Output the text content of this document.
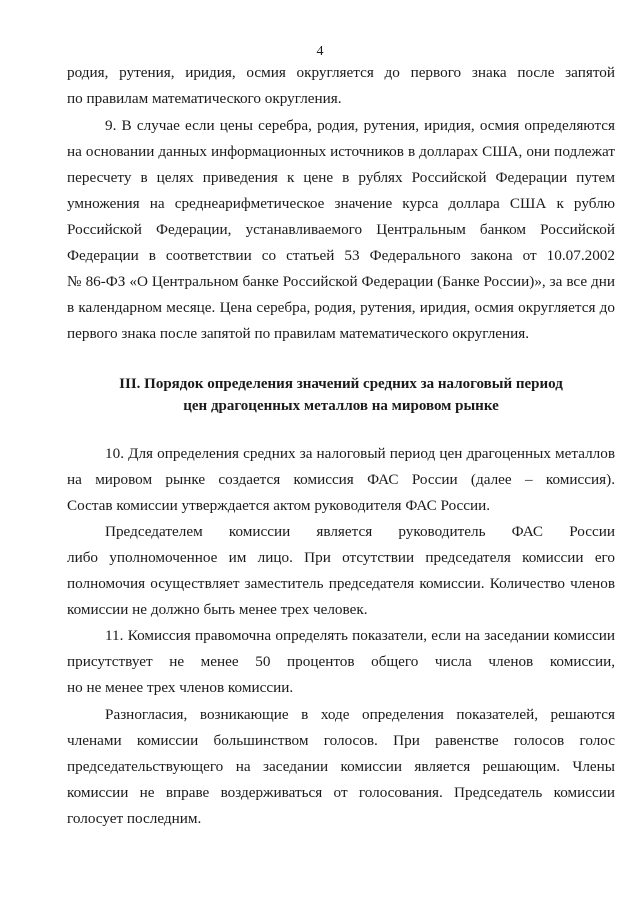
4
родия, рутения, иридия, осмия округляется до первого знака после запятой
по правилам математического округления.
9. В случае если цены серебра, родия, рутения, иридия, осмия определяются
на основании данных информационных источников в долларах США, они подлежат
пересчету в целях приведения к цене в рублях Российской Федерации путем
умножения на среднеарифметическое значение курса доллара США к рублю
Российской Федерации, устанавливаемого Центральным банком Российской
Федерации в соответствии со статьей 53 Федерального закона от 10.07.2002
№ 86-ФЗ «О Центральном банке Российской Федерации (Банке России)», за все дни
в календарном месяце. Цена серебра, родия, рутения, иридия, осмия округляется до
первого знака после запятой по правилам математического округления.
III. Порядок определения значений средних за налоговый период
цен драгоценных металлов на мировом рынке
10. Для определения средних за налоговый период цен драгоценных металлов
на мировом рынке создается комиссия ФАС России (далее – комиссия).
Состав комиссии утверждается актом руководителя ФАС России.
Председателем комиссии является руководитель ФАС России
либо уполномоченное им лицо. При отсутствии председателя комиссии его
полномочия осуществляет заместитель председателя комиссии. Количество членов
комиссии не должно быть менее трех человек.
11. Комиссия правомочна определять показатели, если на заседании комиссии
присутствует не менее 50 процентов общего числа членов комиссии,
но не менее трех членов комиссии.
Разногласия, возникающие в ходе определения показателей, решаются
членами комиссии большинством голосов. При равенстве голосов голос
председательствующего на заседании комиссии является решающим. Члены
комиссии не вправе воздерживаться от голосования. Председатель комиссии
голосует последним.
